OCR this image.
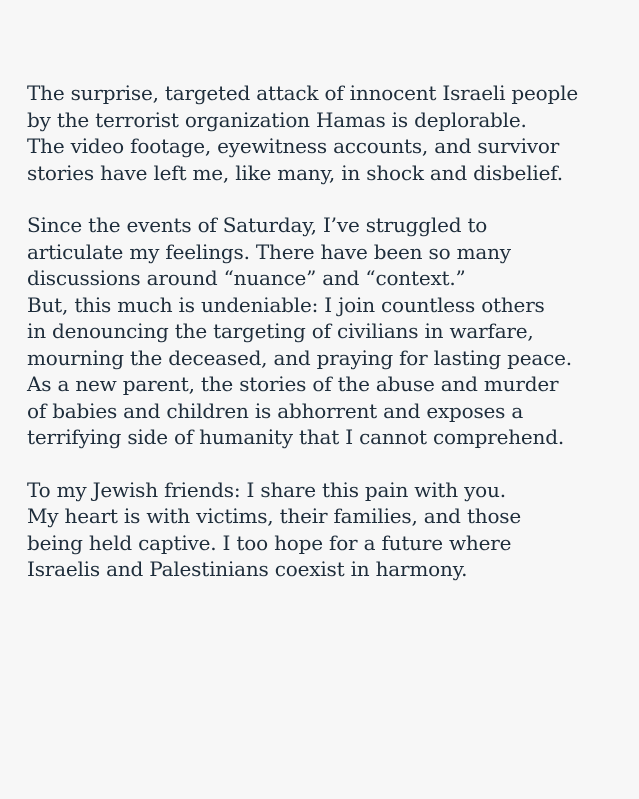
The surprise, targeted attack of innocent Israeli people
by the terrorist organization Hamas is deplorable.
The video footage, eyewitness accounts, and survivor
stories have left me, like many, in shock and disbelief.

Since the events of Saturday, I’ve struggled to
articulate my feelings. There have been so many
discussions around “nuance” and “context.”
But, this much is undeniable: I join countless others
in denouncing the targeting of civilians in warfare,
mourning the deceased, and praying for lasting peace.
As a new parent, the stories of the abuse and murder
of babies and children is abhorrent and exposes a
terrifying side of humanity that I cannot comprehend.

To my Jewish friends: I share this pain with you.
My heart is with victims, their families, and those
being held captive. I too hope for a future where
Israelis and Palestinians coexist in harmony.
